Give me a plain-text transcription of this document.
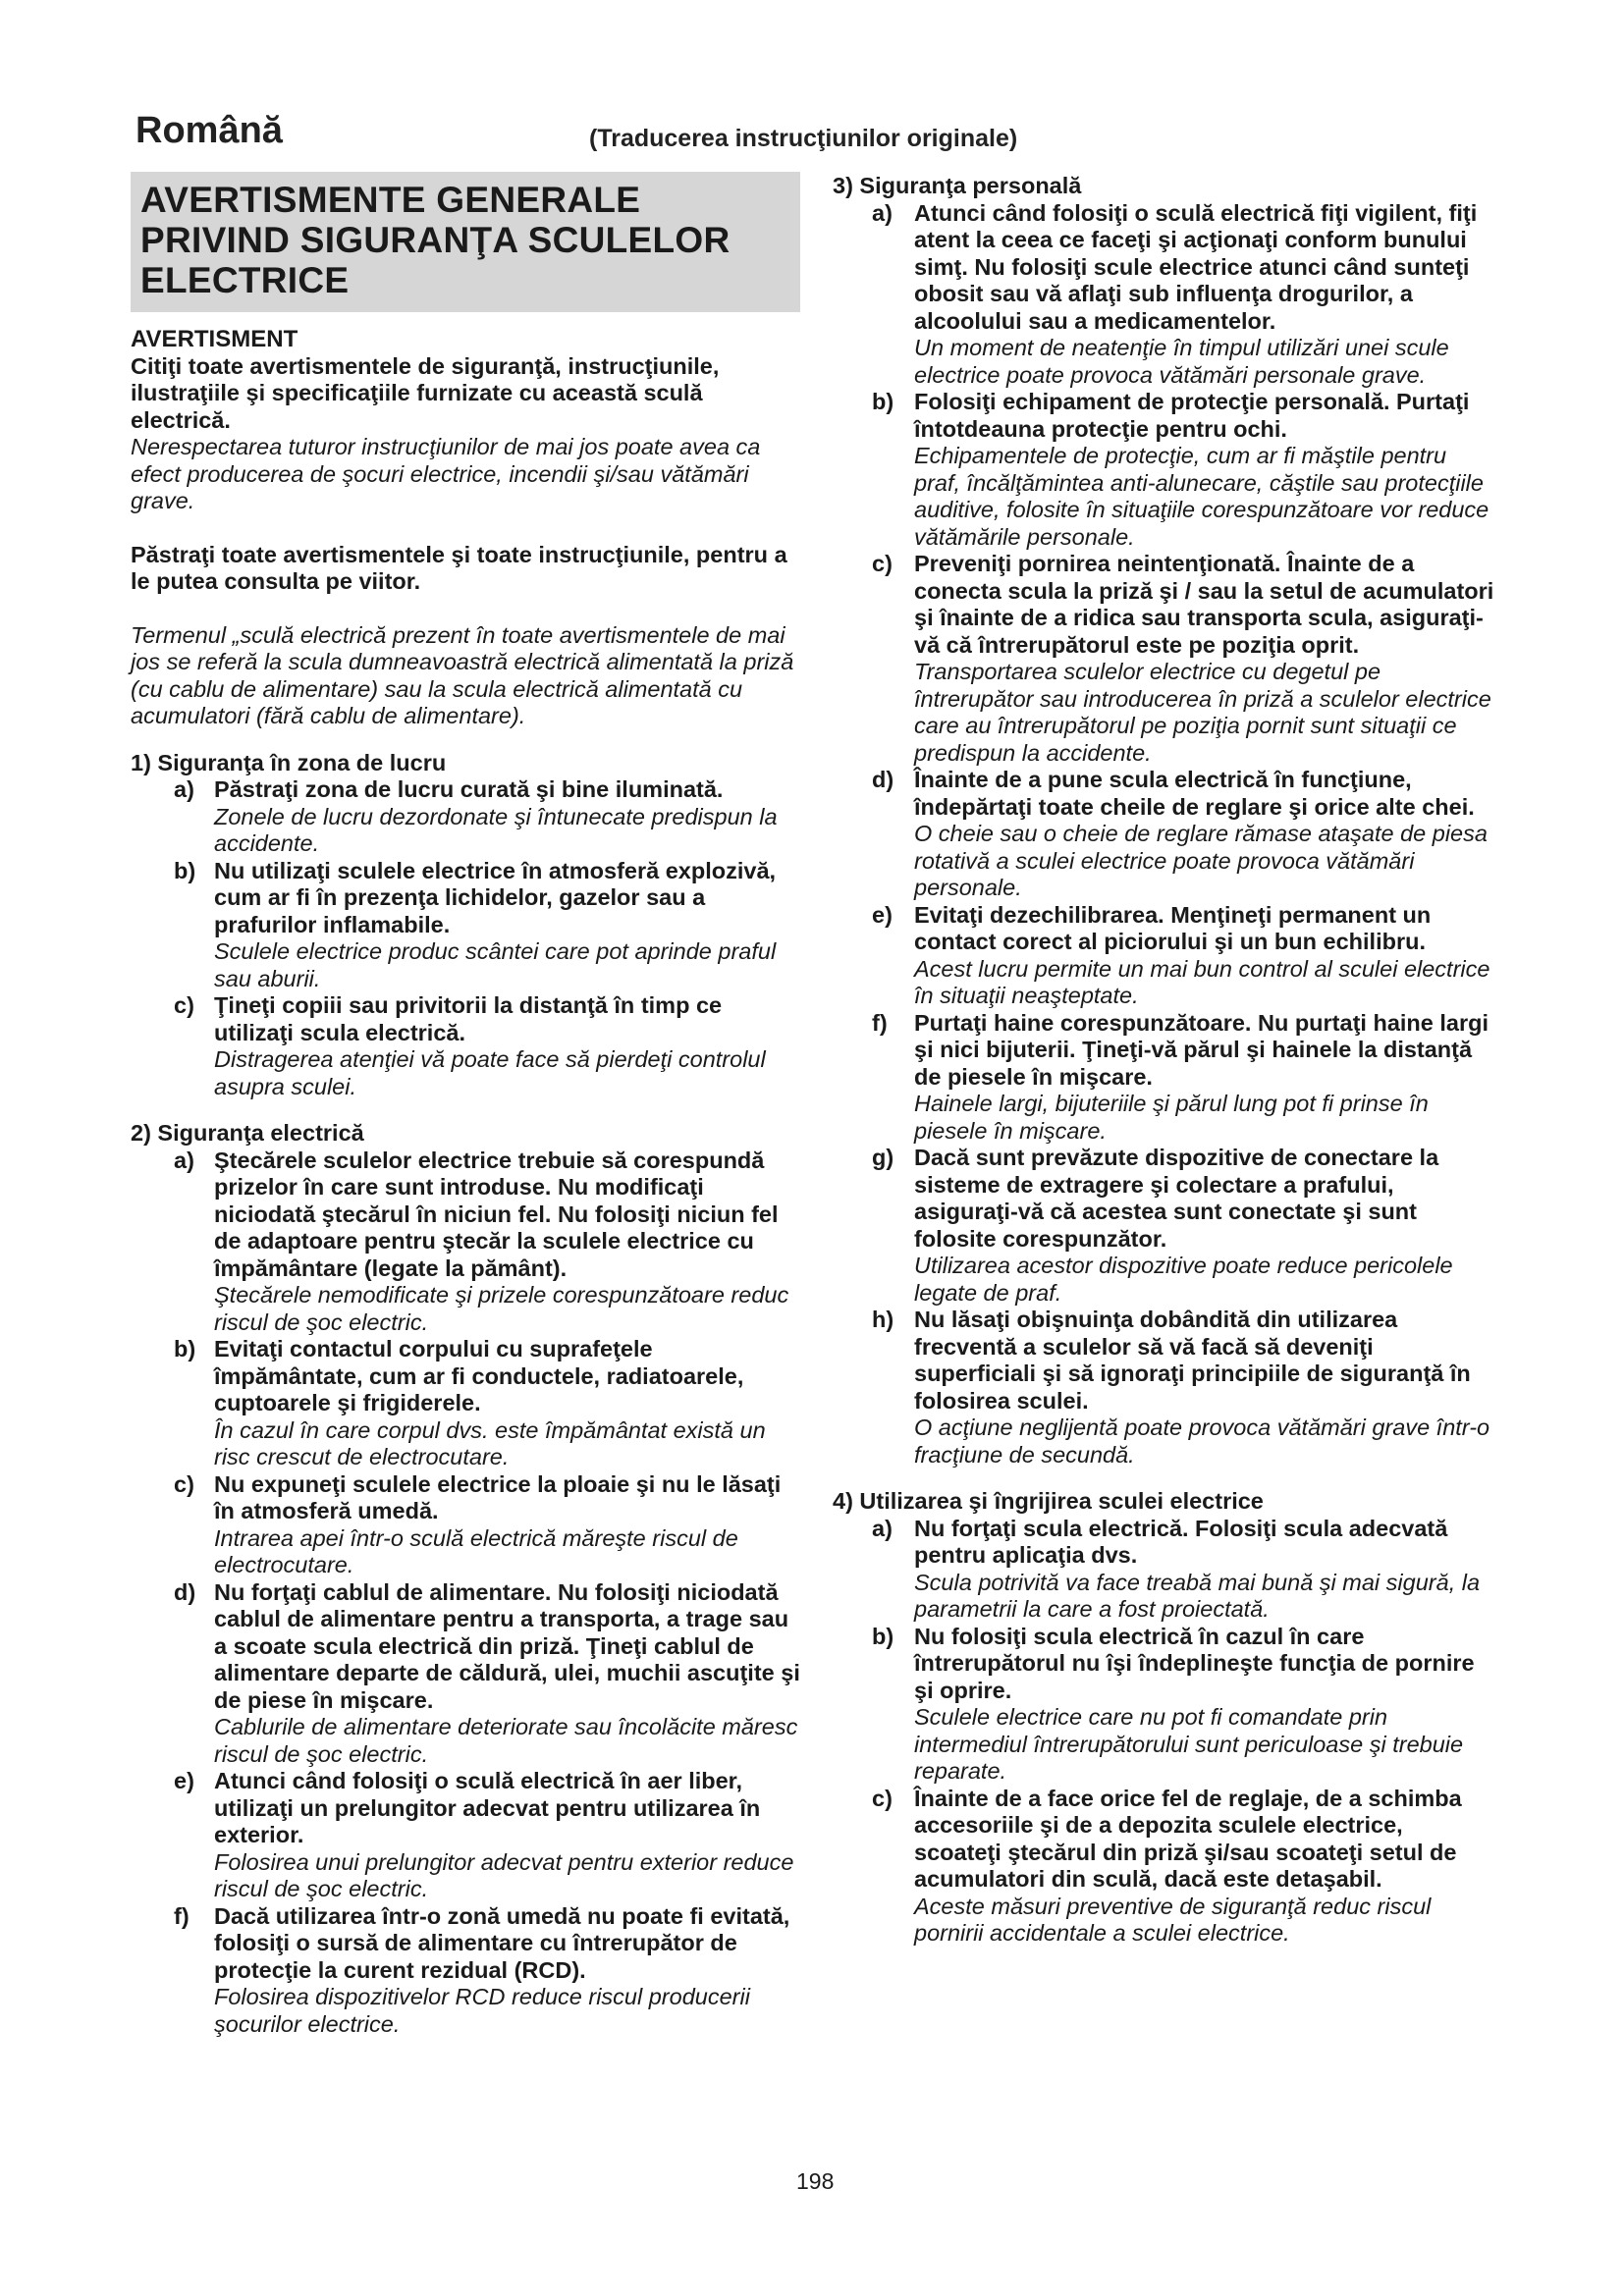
Română	(Traducerea instrucţiunilor originale)
AVERTISMENTE GENERALE PRIVIND SIGURANŢA SCULELOR ELECTRICE
AVERTISMENT

Citiţi toate avertismentele de siguranţă, instrucţiunile, ilustraţiile şi specificaţiile furnizate cu această sculă electrică.

Nerespectarea tuturor instrucţiunilor de mai jos poate avea ca efect producerea de şocuri electrice, incendii şi/sau vătămări grave.

Păstraţi toate avertismentele şi toate instrucţiunile, pentru a le putea consulta pe viitor.

Termenul „sculă electrică prezent în toate avertismentele de mai jos se referă la scula dumneavoastră electrică alimentată la priză (cu cablu de alimentare) sau la scula electrică alimentată cu acumulatori (fără cablu de alimentare).

1) Siguranţa în zona de lucru

a) Păstraţi zona de lucru curată şi bine iluminată.
Zonele de lucru dezordonate şi întunecate predispun la accidente.
b) Nu utilizaţi sculele electrice în atmosferă explozivă, cum ar fi în prezenţa lichidelor, gazelor sau a prafurilor inflamabile.
Sculele electrice produc scântei care pot aprinde praful sau aburii.
c) Ţineţi copiii sau privitorii la distanţă în timp ce utilizaţi scula electrică.
Distragerea atenţiei vă poate face să pierdeţi controlul asupra sculei.

2) Siguranţa electrică

a) Ştecărele sculelor electrice trebuie să corespundă prizelor în care sunt introduse. Nu modificaţi niciodată ştecărul în niciun fel. Nu folosiţi niciun fel de adaptoare pentru ştecăr la sculele electrice cu împământare (legate la pământ).
Ştecărele nemodificate şi prizele corespunzătoare reduc riscul de şoc electric.
b) Evitaţi contactul corpului cu suprafeţele împământate, cum ar fi conductele, radiatoarele, cuptoarele şi frigiderele.
În cazul în care corpul dvs. este împământat există un risc crescut de electrocutare.
c) Nu expuneţi sculele electrice la ploaie şi nu le lăsaţi în atmosferă umedă.
Intrarea apei într-o sculă electrică măreşte riscul de electrocutare.
d) Nu forţaţi cablul de alimentare. Nu folosiţi niciodată cablul de alimentare pentru a transporta, a trage sau a scoate scula electrică din priză. Ţineţi cablul de alimentare departe de căldură, ulei, muchii ascuţite şi de piese în mişcare.
Cablurile de alimentare deteriorate sau încolăcite măresc riscul de şoc electric.
e) Atunci când folosiţi o sculă electrică în aer liber, utilizaţi un prelungitor adecvat pentru utilizarea în exterior.
Folosirea unui prelungitor adecvat pentru exterior reduce riscul de şoc electric.
f) Dacă utilizarea într-o zonă umedă nu poate fi evitată, folosiţi o sursă de alimentare cu întrerupător de protecţie la curent rezidual (RCD).
Folosirea dispozitivelor RCD reduce riscul producerii şocurilor electrice.

3) Siguranţa personală

a) Atunci când folosiţi o sculă electrică fiţi vigilent, fiţi atent la ceea ce faceţi şi acţionaţi conform bunului simţ. Nu folosiţi scule electrice atunci când sunteţi obosit sau vă aflaţi sub influenţa drogurilor, a alcoolului sau a medicamentelor.
Un moment de neatenţie în timpul utilizări unei scule electrice poate provoca vătămări personale grave.
b) Folosiţi echipament de protecţie personală. Purtaţi întotdeauna protecţie pentru ochi.
Echipamentele de protecţie, cum ar fi măştile pentru praf, încălţămintea anti-alunecare, căştile sau protecţiile auditive, folosite în situaţiile corespunzătoare vor reduce vătămările personale.
c) Preveniţi pornirea neintenţionată. Înainte de a conecta scula la priză şi / sau la setul de acumulatori şi înainte de a ridica sau transporta scula, asiguraţi-vă că întrerupătorul este pe poziţia oprit.
Transportarea sculelor electrice cu degetul pe întrerupător sau introducerea în priză a sculelor electrice care au întrerupătorul pe poziţia pornit sunt situaţii ce predispun la accidente.
d) Înainte de a pune scula electrică în funcţiune, îndepărtaţi toate cheile de reglare şi orice alte chei.
O cheie sau o cheie de reglare rămase ataşate de piesa rotativă a sculei electrice poate provoca vătămări personale.
e) Evitaţi dezechilibrarea. Menţineţi permanent un contact corect al piciorului şi un bun echilibru.
Acest lucru permite un mai bun control al sculei electrice în situaţii neaşteptate.
f) Purtaţi haine corespunzătoare. Nu purtaţi haine largi şi nici bijuterii. Ţineţi-vă părul şi hainele la distanţă de piesele în mişcare.
Hainele largi, bijuteriile şi părul lung pot fi prinse în piesele în mişcare.
g) Dacă sunt prevăzute dispozitive de conectare la sisteme de extragere şi colectare a prafului, asiguraţi-vă că acestea sunt conectate şi sunt folosite corespunzător.
Utilizarea acestor dispozitive poate reduce pericolele legate de praf.
h) Nu lăsaţi obişnuinţa dobândită din utilizarea frecventă a sculelor să vă facă să deveniţi superficiali şi să ignoraţi principiile de siguranţă în folosirea sculei.
O acţiune neglijentă poate provoca vătămări grave într-o fracţiune de secundă.

4) Utilizarea şi îngrijirea sculei electrice

a) Nu forţaţi scula electrică. Folosiţi scula adecvată pentru aplicaţia dvs.
Scula potrivită va face treabă mai bună şi mai sigură, la parametrii la care a fost proiectată.
b) Nu folosiţi scula electrică în cazul în care întrerupătorul nu îşi îndeplineşte funcţia de pornire şi oprire.
Sculele electrice care nu pot fi comandate prin intermediul întrerupătorului sunt periculoase şi trebuie reparate.
c) Înainte de a face orice fel de reglaje, de a schimba accesoriile şi de a depozita sculele electrice, scoateţi ştecărul din priză şi/sau scoateţi setul de acumulatori din sculă, dacă este detaşabil.
Aceste măsuri preventive de siguranţă reduc riscul pornirii accidentale a sculei electrice.
198
